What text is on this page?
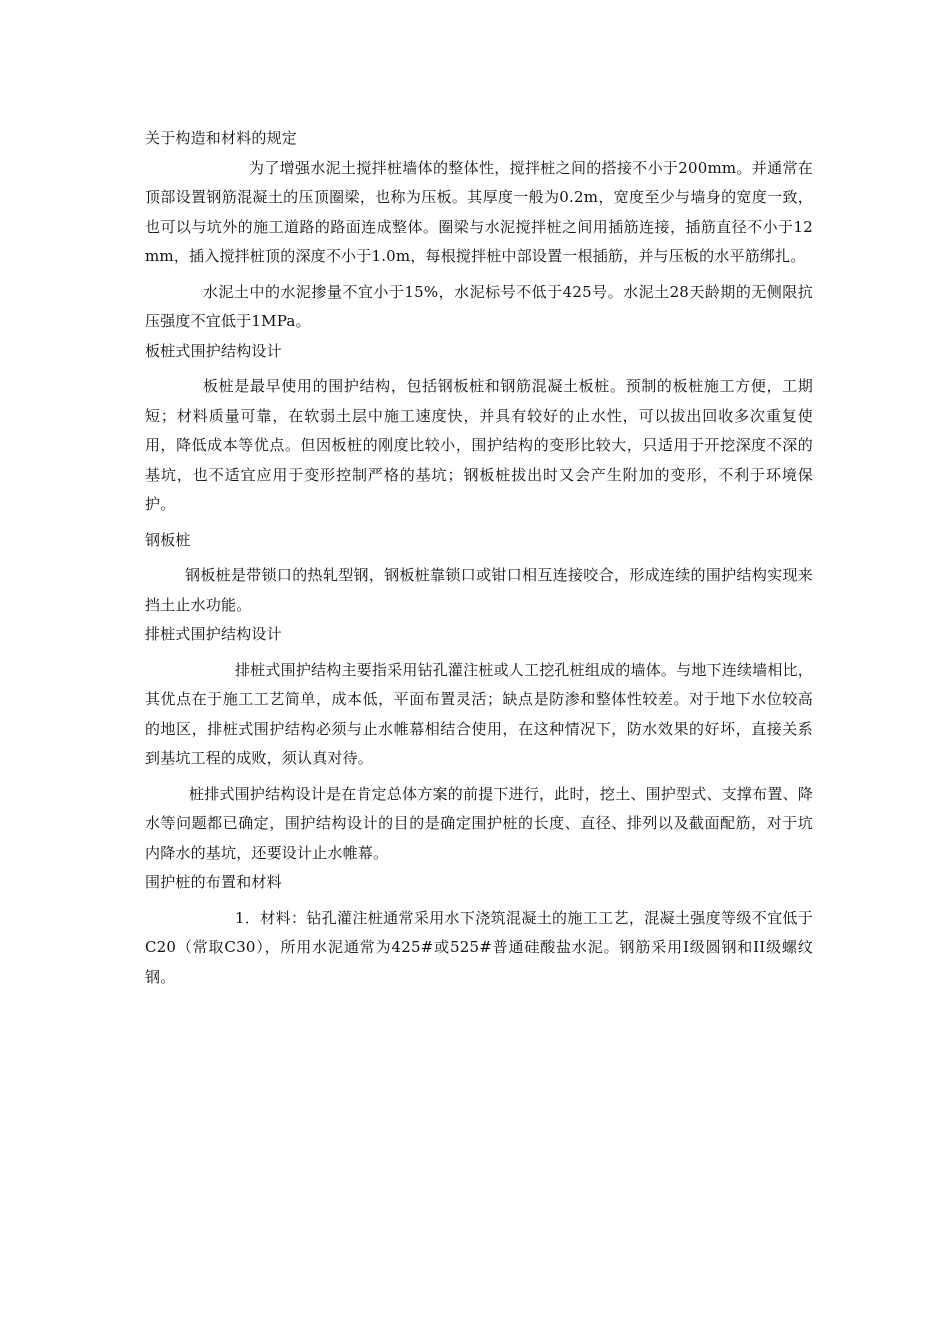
关于构造和材料的规定

为了增强水泥土搅拌桩墙体的整体性，搅拌桩之间的搭接不小于200mm。并通常在顶部设置钢筋混凝土的压顶圈梁，也称为压板。其厚度一般为0.2m，宽度至少与墙身的宽度一致，也可以与坑外的施工道路的路面连成整体。圈梁与水泥搅拌桩之间用插筋连接，插筋直径不小于12mm，插入搅拌桩顶的深度不小于1.0m，每根搅拌桩中部设置一根插筋，并与压板的水平筋绑扎。

水泥土中的水泥掺量不宜小于15%，水泥标号不低于425号。水泥土28天龄期的无侧限抗压强度不宜低于1MPa。

板桩式围护结构设计

板桩是最早使用的围护结构，包括钢板桩和钢筋混凝土板桩。预制的板桩施工方便，工期短；材料质量可靠，在软弱土层中施工速度快，并具有较好的止水性，可以拔出回收多次重复使用，降低成本等优点。但因板桩的刚度比较小，围护结构的变形比较大，只适用于开挖深度不深的基坑，也不适宜应用于变形控制严格的基坑；钢板桩拔出时又会产生附加的变形，不利于环境保护。

钢板桩

钢板桩是带锁口的热轧型钢，钢板桩靠锁口或钳口相互连接咬合，形成连续的围护结构实现来挡土止水功能。

排桩式围护结构设计

排桩式围护结构主要指采用钻孔灌注桩或人工挖孔桩组成的墙体。与地下连续墙相比，其优点在于施工工艺简单，成本低，平面布置灵活；缺点是防渗和整体性较差。对于地下水位较高的地区，排桩式围护结构必须与止水帷幕相结合使用，在这种情况下，防水效果的好坏，直接关系到基坑工程的成败，须认真对待。

桩排式围护结构设计是在肯定总体方案的前提下进行，此时，挖土、围护型式、支撑布置、降水等问题都已确定，围护结构设计的目的是确定围护桩的长度、直径、排列以及截面配筋，对于坑内降水的基坑，还要设计止水帷幕。

围护桩的布置和材料

1．材料：钻孔灌注桩通常采用水下浇筑混凝土的施工工艺，混凝土强度等级不宜低于C20（常取C30），所用水泥通常为425#或525#普通硅酸盐水泥。钢筋采用Ⅰ级圆钢和II级螺纹钢。
